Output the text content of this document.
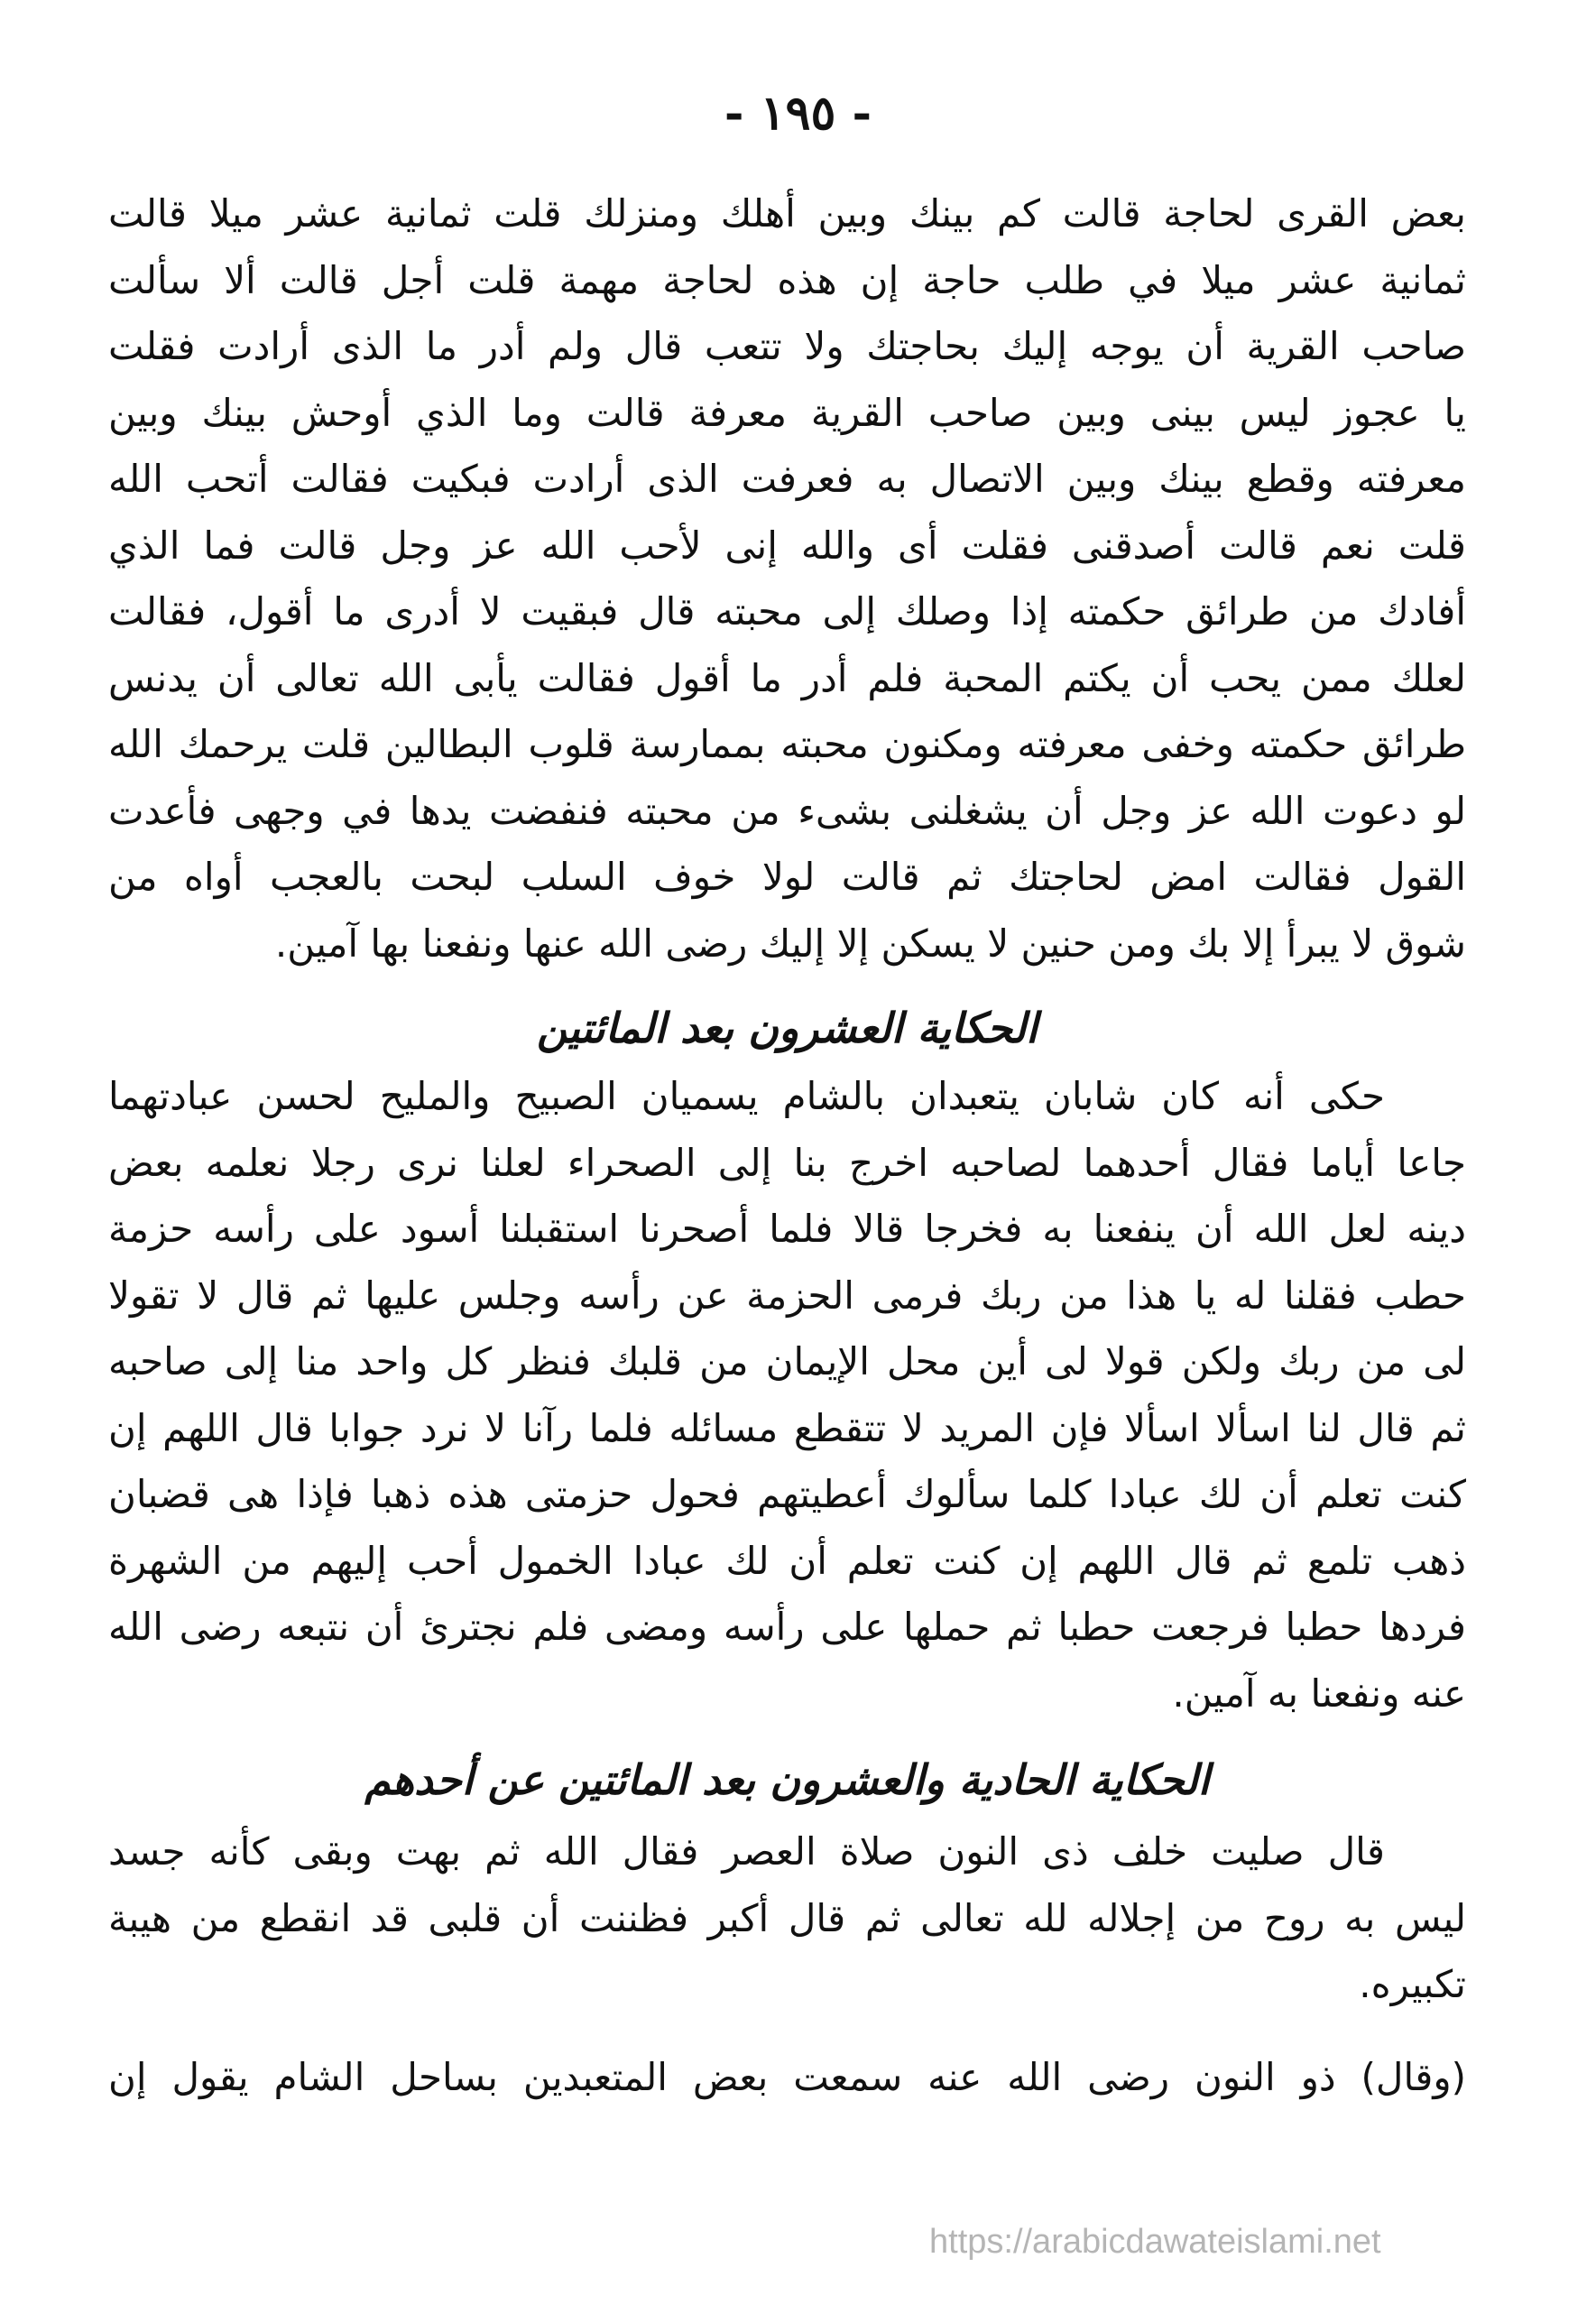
- ١٩٥ -
بعض القرى لحاجة قالت كم بينك وبين أهلك ومنزلك قلت ثمانية عشر ميلا قالت
ثمانية عشر ميلا في طلب حاجة إن هذه لحاجة مهمة قلت أجل قالت ألا سألت
صاحب القرية أن يوجه إليك بحاجتك ولا تتعب قال ولم أدر ما الذى أرادت فقلت
يا عجوز ليس بينى وبين صاحب القرية معرفة قالت وما الذي أوحش بينك وبين
معرفته وقطع بينك وبين الاتصال به فعرفت الذى أرادت فبكيت فقالت أتحب الله
قلت نعم قالت أصدقنى فقلت أى والله إنى لأحب الله عز وجل قالت فما الذي
أفادك من طرائق حكمته إذا وصلك إلى محبته قال فبقيت لا أدرى ما أقول، فقالت
لعلك ممن يحب أن يكتم المحبة فلم أدر ما أقول فقالت يأبى الله تعالى أن يدنس
طرائق حكمته وخفى معرفته ومكنون محبته بممارسة قلوب البطالين قلت يرحمك الله
لو دعوت الله عز وجل أن يشغلنى بشىء من محبته فنفضت يدها في وجهى فأعدت
القول فقالت امض لحاجتك ثم قالت لولا خوف السلب لبحت بالعجب أواه من
شوق لا يبرأ إلا بك ومن حنين لا يسكن إلا إليك رضى الله عنها ونفعنا بها آمين.
الحكاية العشرون بعد المائتين
حكى أنه كان شابان يتعبدان بالشام يسميان الصبيح والمليح لحسن عبادتهما
جاعا أياما فقال أحدهما لصاحبه اخرج بنا إلى الصحراء لعلنا نرى رجلا نعلمه بعض
دينه لعل الله أن ينفعنا به فخرجا قالا فلما أصحرنا استقبلنا أسود على رأسه حزمة
حطب فقلنا له يا هذا من ربك فرمى الحزمة عن رأسه وجلس عليها ثم قال لا تقولا
لى من ربك ولكن قولا لى أين محل الإيمان من قلبك فنظر كل واحد منا إلى صاحبه
ثم قال لنا اسألا اسألا فإن المريد لا تتقطع مسائله فلما رآنا لا نرد جوابا قال اللهم إن
كنت تعلم أن لك عبادا كلما سألوك أعطيتهم فحول حزمتى هذه ذهبا فإذا هى قضبان
ذهب تلمع ثم قال اللهم إن كنت تعلم أن لك عبادا الخمول أحب إليهم من الشهرة
فردها حطبا فرجعت حطبا ثم حملها على رأسه ومضى فلم نجترئ أن نتبعه رضى الله
عنه ونفعنا به آمين.
الحكاية الحادية والعشرون بعد المائتين عن أحدهم
قال صليت خلف ذى النون صلاة العصر فقال الله ثم بهت وبقى كأنه جسد
ليس به روح من إجلاله لله تعالى ثم قال أكبر فظننت أن قلبى قد انقطع من هيبة
تكبيره.
(وقال) ذو النون رضى الله عنه سمعت بعض المتعبدين بساحل الشام يقول إن
https://arabicdawateislami.net
